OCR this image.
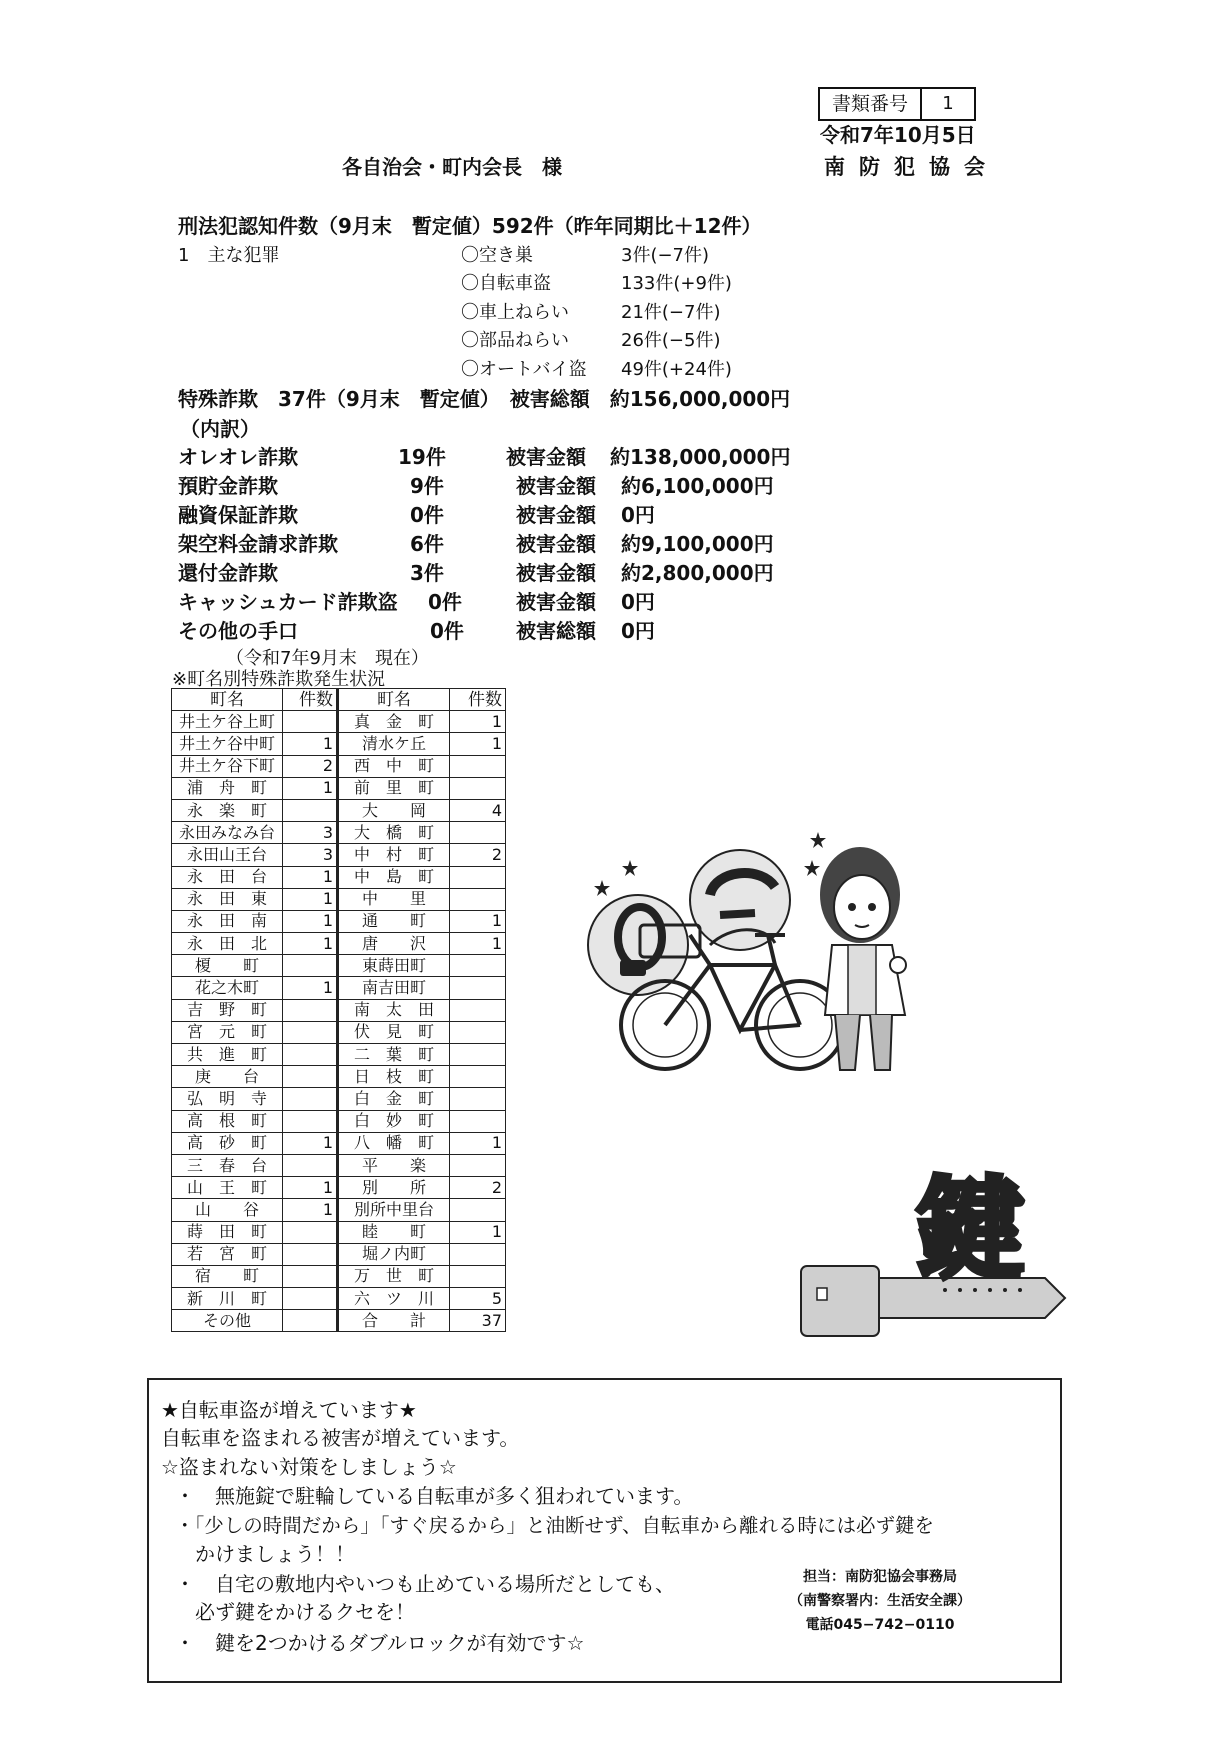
書類番号	1
令和7年10月5日
各自治会・町内会長　様	南防犯協会
刑法犯認知件数（9月末　暫定値）592件（昨年同期比＋12件）
1　主な犯罪	〇空き巣	3件(−7件)
〇自転車盗	133件(+9件)
〇車上ねらい	21件(−7件)
〇部品ねらい	26件(−5件)
〇オートバイ盗	49件(+24件)
特殊詐欺　37件（9月末　暫定値）　被害総額　約156,000,000円
（内訳）
オレオレ詐欺	19件	被害金額 約138,000,000円
預貯金詐欺	9件	被害金額 約6,100,000円
融資保証詐欺	0件	被害金額 0円
架空料金請求詐欺	6件	被害金額 約9,100,000円
還付金詐欺	3件	被害金額 約2,800,000円
キャッシュカード詐欺盗 0件	被害金額 0円
その他の手口	0件	被害総額 0円
（令和7年9月末　現在）
※町名別特殊詐欺発生状況
町名	件数	町名	件数
井土ケ谷上町		真　金　町	1
井土ケ谷中町	1	清水ケ丘	1
井土ケ谷下町	2	西　中　町	
浦　舟　町	1	前　里　町	
永　楽　町		大　　岡	4
永田みなみ台	3	大　橋　町	
永田山王台	3	中　村　町	2
永　田　台	1	中　島　町	
永　田　東	1	中　　里	
永　田　南	1	通　　町	1
永　田　北	1	唐　　沢	1
榎　　町		東蒔田町	
花之木町	1	南吉田町	
吉　野　町		南　太　田	
宮　元　町		伏　見　町	
共　進　町		二　葉　町	
庚　　台		日　枝　町	
弘　明　寺		白　金　町	
高　根　町		白　妙　町	
高　砂　町	1	八　幡　町	1
三　春　台		平　　楽	
山　王　町	1	別　　所	2
山　　谷	1	別所中里台	
蒔　田　町		睦　　町	1
若　宮　町		堀ノ内町	
宿　　町		万　世　町	
新　川　町		六　ツ　川	5
その他		合　　計	37
鍵
★自転車盗が増えています★
自転車を盗まれる被害が増えています。
☆盗まれない対策をしましょう☆
・　無施錠で駐輪している自転車が多く狙われています。
・「少しの時間だから」「すぐ戻るから」と油断せず、自転車から離れる時には必ず鍵を
　かけましょう！！
・　自宅の敷地内やいつも止めている場所だとしても、
　必ず鍵をかけるクセを！
・　鍵を2つかけるダブルロックが有効です☆
担当：南防犯協会事務局
（南警察署内：生活安全課）
電話045−742−0110
